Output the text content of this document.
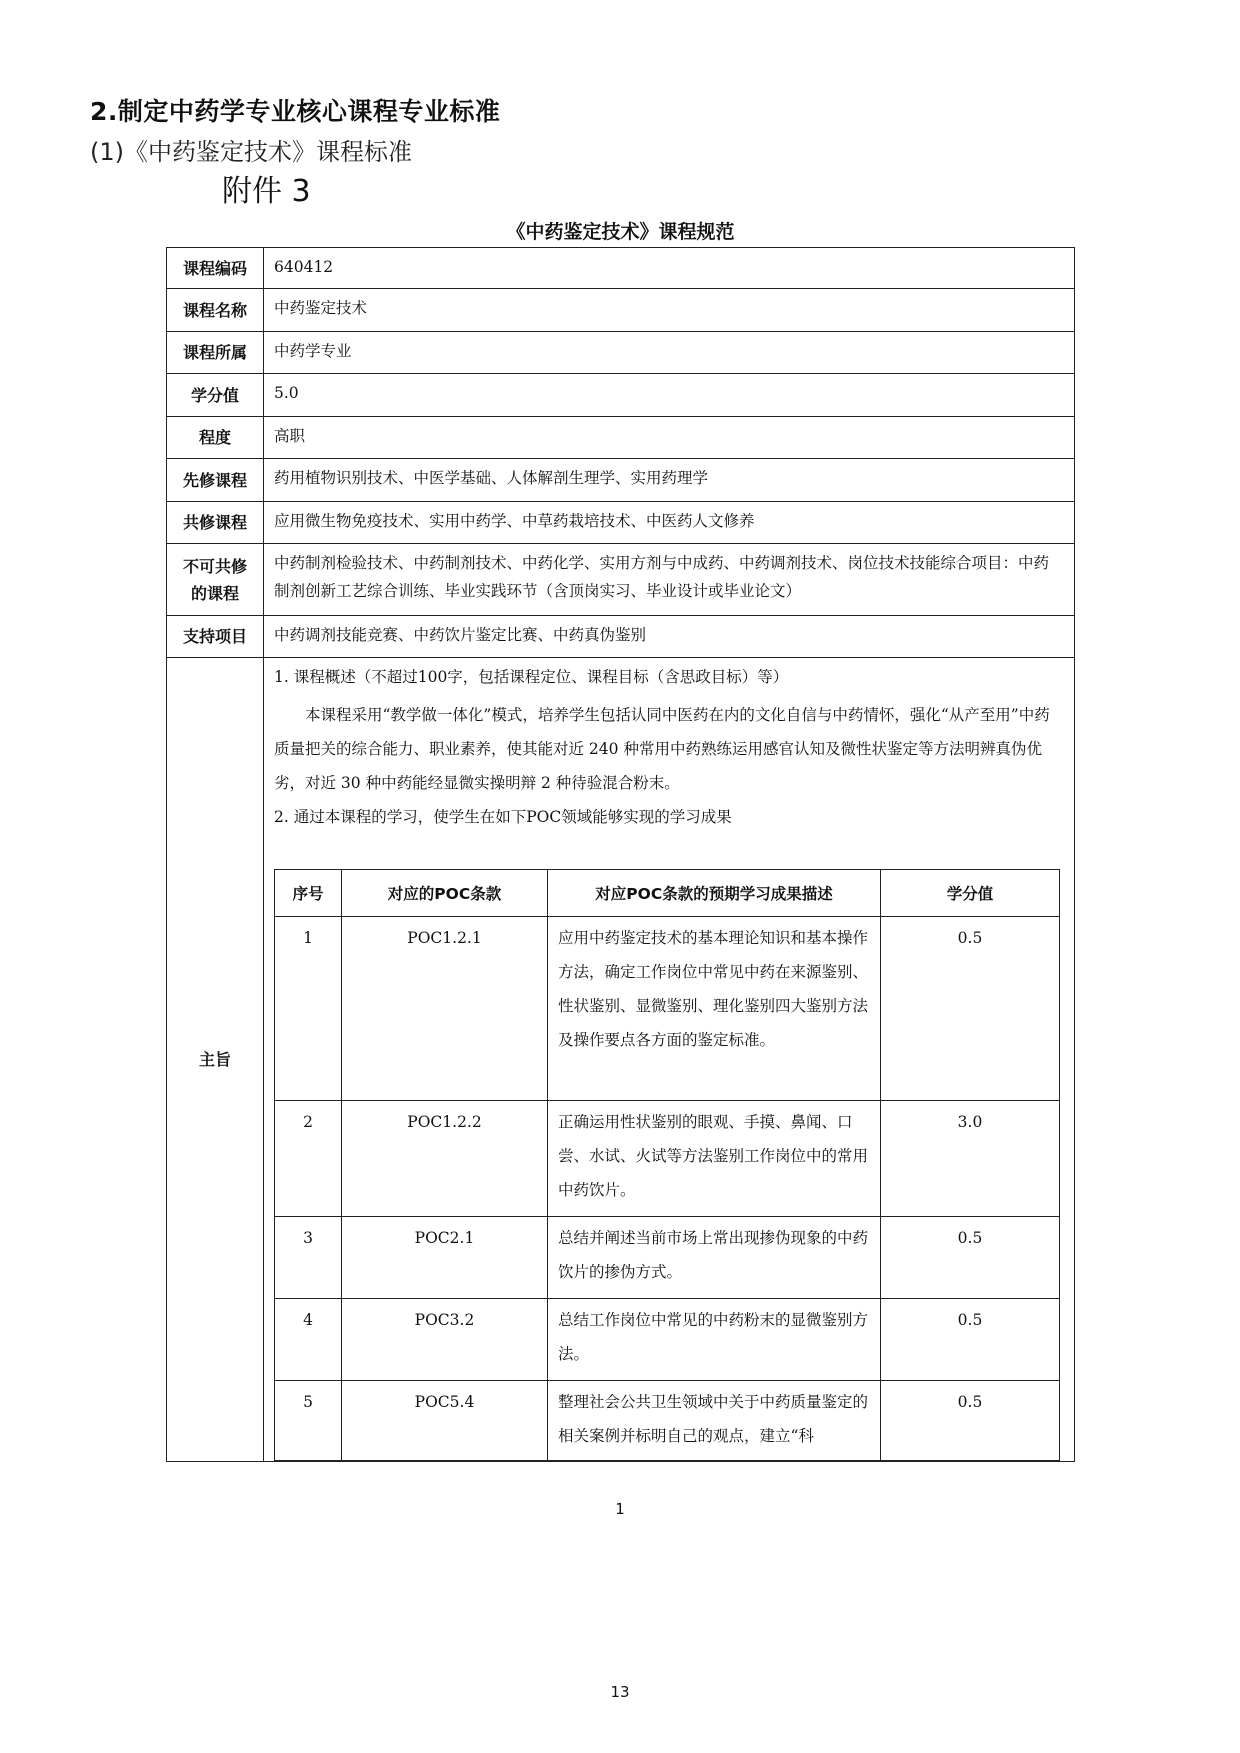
2.制定中药学专业核心课程专业标准
(1)《中药鉴定技术》课程标准
附件 3
《中药鉴定技术》课程规范
课程编码	640412
课程名称	中药鉴定技术
课程所属	中药学专业
学分值	5.0
程度	高职
先修课程	药用植物识别技术、中医学基础、人体解剖生理学、实用药理学
共修课程	应用微生物免疫技术、实用中药学、中草药栽培技术、中医药人文修养

不可共修
的课程
	中药制剂检验技术、中药制剂技术、中药化学、实用方剂与中成药、中药调剂技术、岗位技术技能综合项目：中药制剂创新工艺综合训练、毕业实践环节（含顶岗实习、毕业设计或毕业论文）
支持项目	中药调剂技能竞赛、中药饮片鉴定比赛、中药真伪鉴别
主旨	

1. 课程概述（不超过100字，包括课程定位、课程目标（含思政目标）等）

本课程采用“教学做一体化”模式，培养学生包括认同中医药在内的文化自信与中药情怀，强化“从产至用”中药质量把关的综合能力、职业素养，使其能对近 240 种常用中药熟练运用感官认知及微性状鉴定等方法明辨真伪优劣，对近 30 种中药能经显微实操明辩 2 种待验混合粉末。

2. 通过本课程的学习，使学生在如下POC领域能够实现的学习成果

序号	对应的POC条款	对应POC条款的预期学习成果描述	学分值
1	POC1.2.1	应用中药鉴定技术的基本理论知识和基本操作方法，确定工作岗位中常见中药在来源鉴别、性状鉴别、显微鉴别、理化鉴别四大鉴别方法及操作要点各方面的鉴定标准。	0.5
2	POC1.2.2	正确运用性状鉴别的眼观、手摸、鼻闻、口尝、水试、火试等方法鉴别工作岗位中的常用中药饮片。	3.0
3	POC2.1	总结并阐述当前市场上常出现掺伪现象的中药饮片的掺伪方式。	0.5
4	POC3.2	总结工作岗位中常见的中药粉末的显微鉴别方法。	0.5
5	POC5.4	整理社会公共卫生领域中关于中药质量鉴定的相关案例并标明自己的观点，建立“科	0.5
1
13
